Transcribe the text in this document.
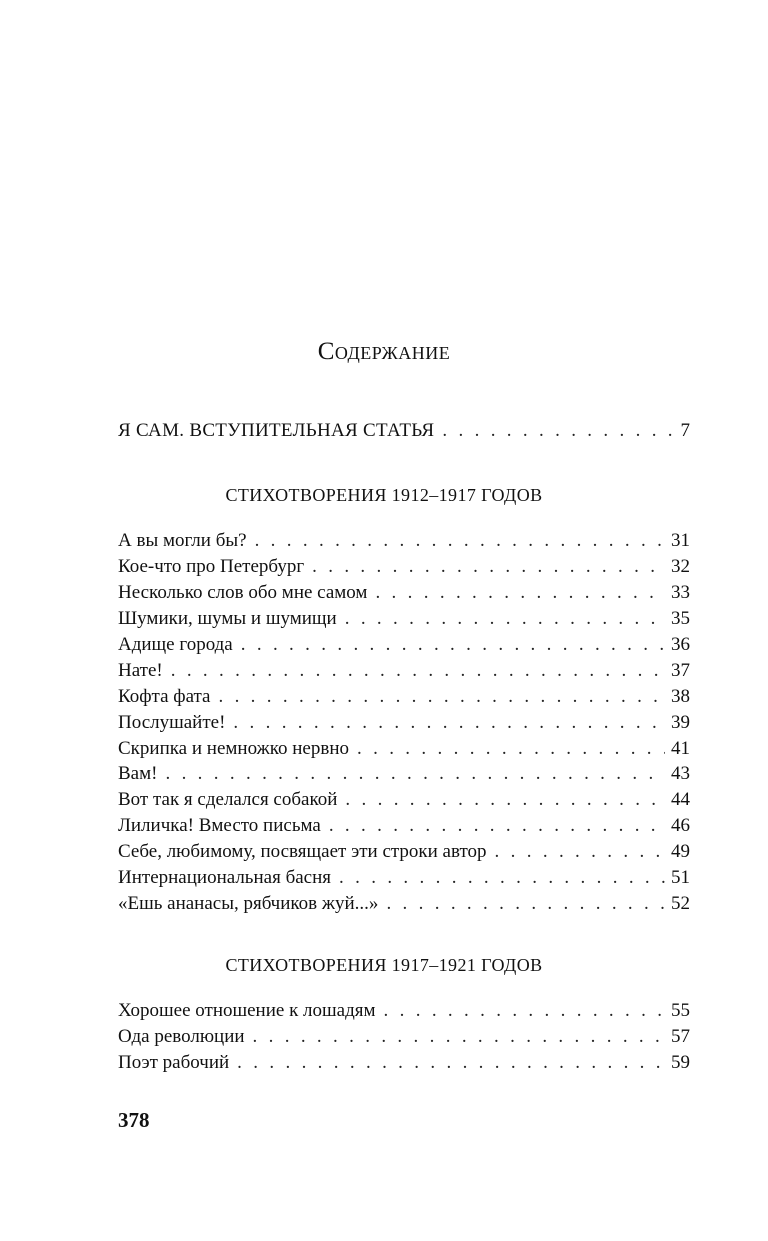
Содержание
Я САМ. ВСТУПИТЕЛЬНАЯ СТАТЬЯ . . .	7
СТИХОТВОРЕНИЯ 1912–1917 ГОДОВ
А вы могли бы? . . .	31
Кое-что про Петербург . . .	32
Несколько слов обо мне самом . . .	33
Шумики, шумы и шумищи . . .	35
Адище города . . .	36
Нате! . . .	37
Кофта фата . . .	38
Послушайте! . . .	39
Скрипка и немножко нервно . . .	41
Вам! . . .	43
Вот так я сделался собакой . . .	44
Лиличка! Вместо письма . . .	46
Себе, любимому, посвящает эти строки автор . . .	49
Интернациональная басня . . .	51
«Ешь ананасы, рябчиков жуй...» . . .	52
СТИХОТВОРЕНИЯ 1917–1921 ГОДОВ
Хорошее отношение к лошадям . . .	55
Ода революции . . .	57
Поэт рабочий . . .	59
378
